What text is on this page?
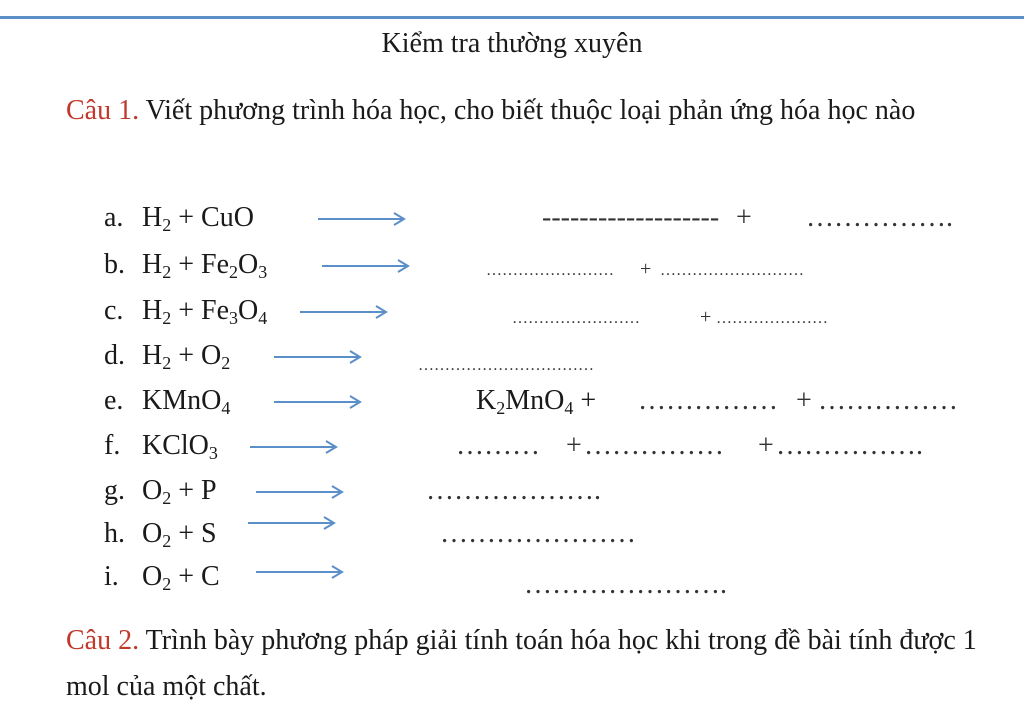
Kiểm tra thường xuyên
Câu 1. Viết phương trình hóa học, cho biết thuộc loại phản ứng hóa học nào
a. $H_2$ + CuO	------------------- + …………….
b. $H_2 + Fe_2O_3$	…………………… + ………………………
c. $H_2 + Fe_3O_4$	……………………	+ …………………
d. $H_2 + O_2$	……………………………
e. KMnO$_4$	$K_2MnO_4$ + …………… + ……………
f. KClO$_3$	……… + …………… + …………….
g. $O_2 + P$	……………….
h. $O_2 + S$	…………………
i. $O_2 + C$	………………….
Câu 2. Trình bày phương pháp giải tính toán hóa học khi trong đề bài tính được 1 mol của một chất.
